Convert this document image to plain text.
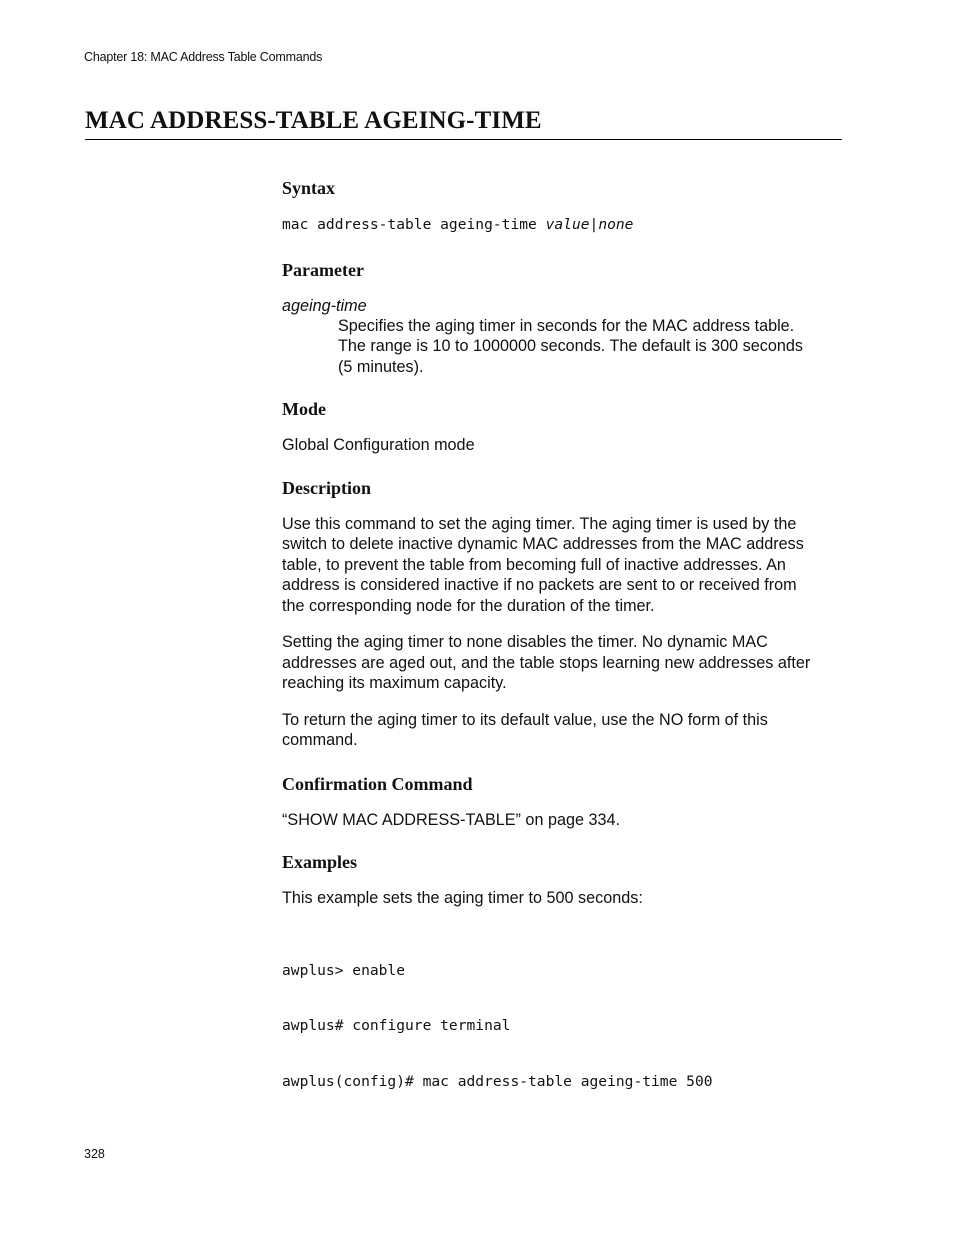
Chapter 18: MAC Address Table Commands
MAC ADDRESS-TABLE AGEING-TIME
Syntax
mac address-table ageing-time value|none
Parameter
ageing-time
Specifies the aging timer in seconds for the MAC address table.
The range is 10 to 1000000 seconds. The default is 300 seconds
(5 minutes).
Mode
Global Configuration mode
Description
Use this command to set the aging timer. The aging timer is used by the
switch to delete inactive dynamic MAC addresses from the MAC address
table, to prevent the table from becoming full of inactive addresses. An
address is considered inactive if no packets are sent to or received from
the corresponding node for the duration of the timer.
Setting the aging timer to none disables the timer. No dynamic MAC
addresses are aged out, and the table stops learning new addresses after
reaching its maximum capacity.
To return the aging timer to its default value, use the NO form of this
command.
Confirmation Command
“SHOW MAC ADDRESS-TABLE” on page 334.
Examples
This example sets the aging timer to 500 seconds:

awplus> enable

awplus# configure terminal

awplus(config)# mac address-table ageing-time 500

328
